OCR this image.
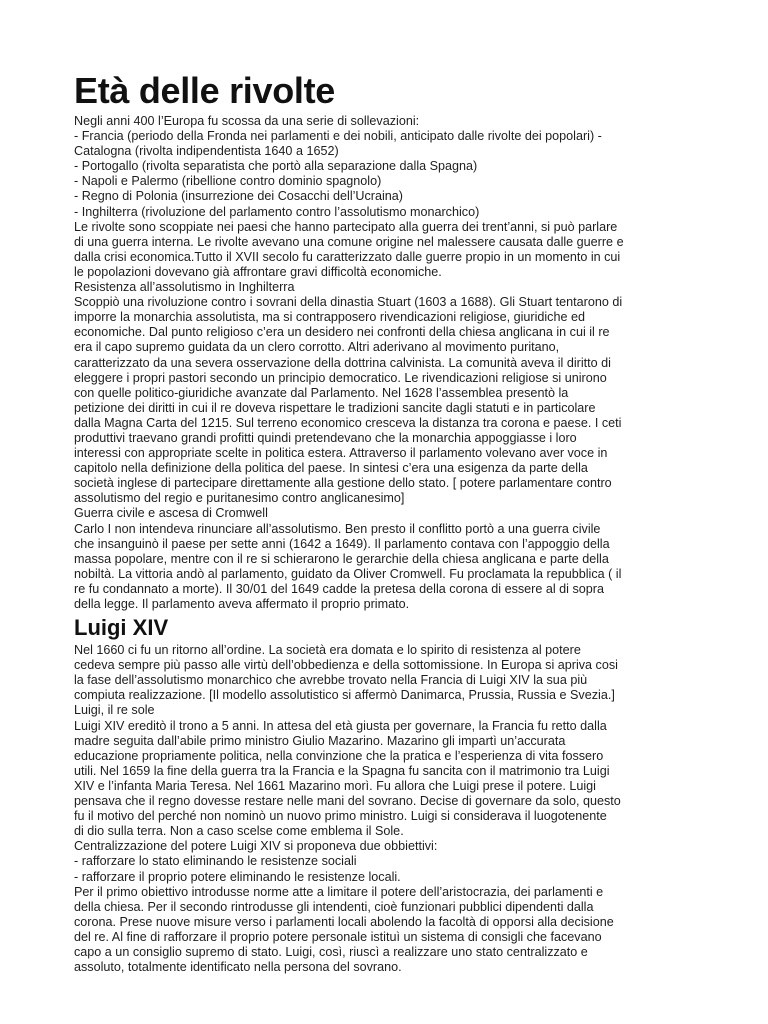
Età delle rivolte
Negli anni 400 l’Europa fu scossa da una serie di sollevazioni:
- Francia (periodo della Fronda nei parlamenti e dei nobili, anticipato dalle rivolte dei popolari) -
Catalogna (rivolta indipendentista 1640 a 1652)
- Portogallo (rivolta separatista che portò alla separazione dalla Spagna)
- Napoli e Palermo (ribellione contro dominio spagnolo)
- Regno di Polonia (insurrezione dei Cosacchi dell’Ucraina)
- Inghilterra (rivoluzione del parlamento contro l’assolutismo monarchico)
Le rivolte sono scoppiate nei paesi che hanno partecipato alla guerra dei trent’anni, si può parlare
di una guerra interna. Le rivolte avevano una comune origine nel malessere causata dalle guerre e
dalla crisi economica.Tutto il XVII secolo fu caratterizzato dalle guerre propio in un momento in cui
le popolazioni dovevano già affrontare gravi difficoltà economiche.
Resistenza all’assolutismo in Inghilterra
Scoppiò una rivoluzione contro i sovrani della dinastia Stuart (1603 a 1688). Gli Stuart tentarono di
imporre la monarchia assolutista, ma si contrapposero rivendicazioni religiose, giuridiche ed
economiche. Dal punto religioso c’era un desidero nei confronti della chiesa anglicana in cui il re
era il capo supremo guidata da un clero corrotto. Altri aderivano al movimento puritano,
caratterizzato da una severa osservazione della dottrina calvinista. La comunità aveva il diritto di
eleggere i propri pastori secondo un principio democratico. Le rivendicazioni religiose si unirono
con quelle politico-giuridiche avanzate dal Parlamento. Nel 1628 l’assemblea presentò la
petizione dei diritti in cui il re doveva rispettare le tradizioni sancite dagli statuti e in particolare
dalla Magna Carta del 1215. Sul terreno economico cresceva la distanza tra corona e paese. I ceti
produttivi traevano grandi profitti quindi pretendevano che la monarchia appoggiasse i loro
interessi con appropriate scelte in politica estera. Attraverso il parlamento volevano aver voce in
capitolo nella definizione della politica del paese. In sintesi c’era una esigenza da parte della
società inglese di partecipare direttamente alla gestione dello stato. [ potere parlamentare contro
assolutismo del regio e puritanesimo contro anglicanesimo]
Guerra civile e ascesa di Cromwell
Carlo I non intendeva rinunciare all’assolutismo. Ben presto il conflitto portò a una guerra civile
che insanguinò il paese per sette anni (1642 a 1649). Il parlamento contava con l’appoggio della
massa popolare, mentre con il re si schierarono le gerarchie della chiesa anglicana e parte della
nobiltà. La vittoria andò al parlamento, guidato da Oliver Cromwell. Fu proclamata la repubblica ( il
re fu condannato a morte). Il 30/01 del 1649 cadde la pretesa della corona di essere al di sopra
della legge. Il parlamento aveva affermato il proprio primato.
Luigi XIV
Nel 1660 ci fu un ritorno all’ordine. La società era domata e lo spirito di resistenza al potere
cedeva sempre più passo alle virtù dell’obbedienza e della sottomissione. In Europa si apriva cosi
la fase dell’assolutismo monarchico che avrebbe trovato nella Francia di Luigi XIV la sua più
compiuta realizzazione. [Il modello assolutistico si affermò Danimarca, Prussia, Russia e Svezia.]
Luigi, il re sole
Luigi XIV ereditò il trono a 5 anni. In attesa del età giusta per governare, la Francia fu retto dalla
madre seguita dall’abile primo ministro Giulio Mazarino. Mazarino gli impartì un’accurata
educazione propriamente politica, nella convinzione che la pratica e l’esperienza di vita fossero
utili. Nel 1659 la fine della guerra tra la Francia e la Spagna fu sancita con il matrimonio tra Luigi
XIV e l’infanta Maria Teresa. Nel 1661 Mazarino morì. Fu allora che Luigi prese il potere. Luigi
pensava che il regno dovesse restare nelle mani del sovrano. Decise di governare da solo, questo
fu il motivo del perché non nominò un nuovo primo ministro. Luigi si considerava il luogotenente
di dio sulla terra. Non a caso scelse come emblema il Sole.
Centralizzazione del potere Luigi XIV si proponeva due obbiettivi:
- rafforzare lo stato eliminando le resistenze sociali
- rafforzare il proprio potere eliminando le resistenze locali.
Per il primo obiettivo introdusse norme atte a limitare il potere dell’aristocrazia, dei parlamenti e
della chiesa. Per il secondo rintrodusse gli intendenti, cioè funzionari pubblici dipendenti dalla
corona. Prese nuove misure verso i parlamenti locali abolendo la facoltà di opporsi alla decisione
del re. Al fine di rafforzare il proprio potere personale istituì un sistema di consigli che facevano
capo a un consiglio supremo di stato. Luigi, così, riuscì a realizzare uno stato centralizzato e
assoluto, totalmente identificato nella persona del sovrano.
